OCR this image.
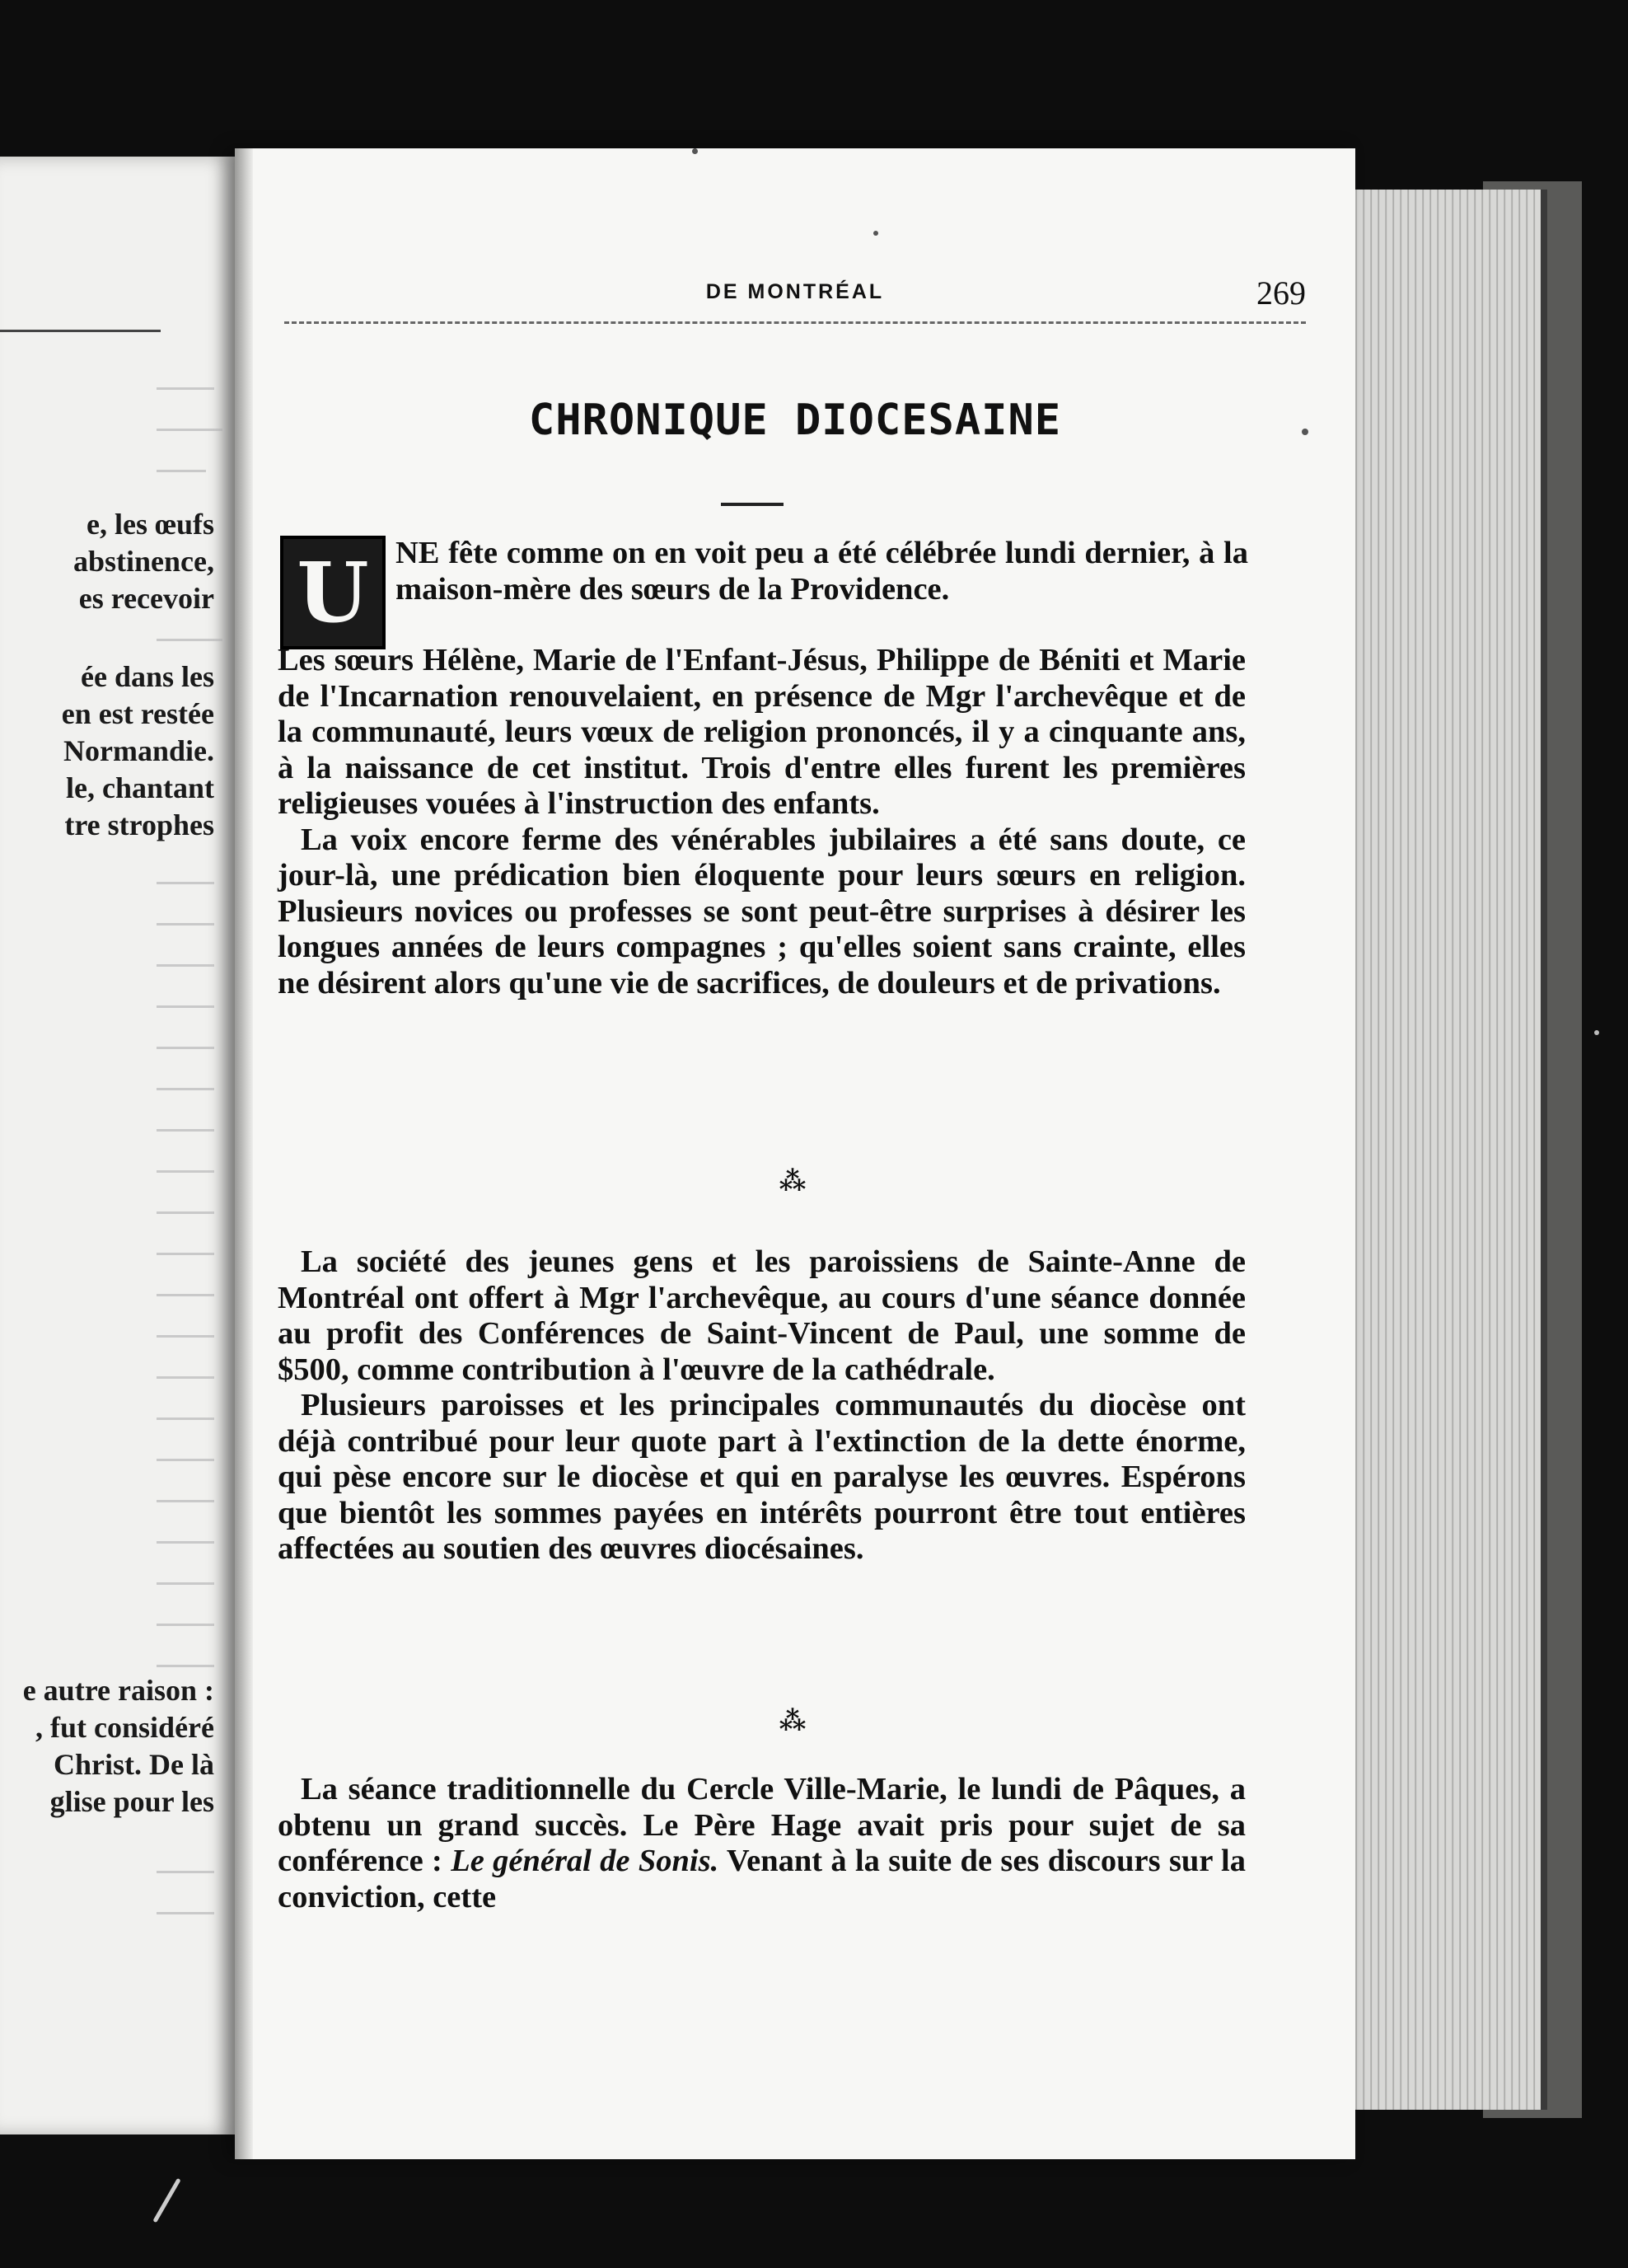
e, les œufs
abstinence,
es recevoir
ée dans les
en est restée
Normandie.
le, chantant
tre strophes
e autre raison :
, fut considéré
Christ. De là
glise pour les
DE MONTRÉAL	269
CHRONIQUE DIOCESAINE
U NE fête comme on en voit peu a été célébrée lundi dernier, à la maison-mère des sœurs de la Providence.

Les sœurs Hélène, Marie de l'Enfant-Jésus, Philippe de Béniti et Marie de l'Incarnation renouvelaient, en présence de Mgr l'archevêque et de la communauté, leurs vœux de religion prononcés, il y a cinquante ans, à la naissance de cet institut. Trois d'entre elles furent les premières religieuses vouées à l'instruction des enfants.

La voix encore ferme des vénérables jubilaires a été sans doute, ce jour-là, une prédication bien éloquente pour leurs sœurs en religion. Plusieurs novices ou professes se sont peut-être surprises à désirer les longues années de leurs compagnes ; qu'elles soient sans crainte, elles ne désirent alors qu'une vie de sacrifices, de douleurs et de privations.

⁂

La société des jeunes gens et les paroissiens de Sainte-Anne de Montréal ont offert à Mgr l'archevêque, au cours d'une séance donnée au profit des Conférences de Saint-Vincent de Paul, une somme de $500, comme contribution à l'œuvre de la cathédrale.

Plusieurs paroisses et les principales communautés du diocèse ont déjà contribué pour leur quote part à l'extinction de la dette énorme, qui pèse encore sur le diocèse et qui en paralyse les œuvres. Espérons que bientôt les sommes payées en intérêts pourront être tout entières affectées au soutien des œuvres diocésaines.

⁂

La séance traditionnelle du Cercle Ville-Marie, le lundi de Pâques, a obtenu un grand succès. Le Père Hage avait pris pour sujet de sa conférence : Le général de Sonis. Venant à la suite de ses discours sur la conviction, cette
